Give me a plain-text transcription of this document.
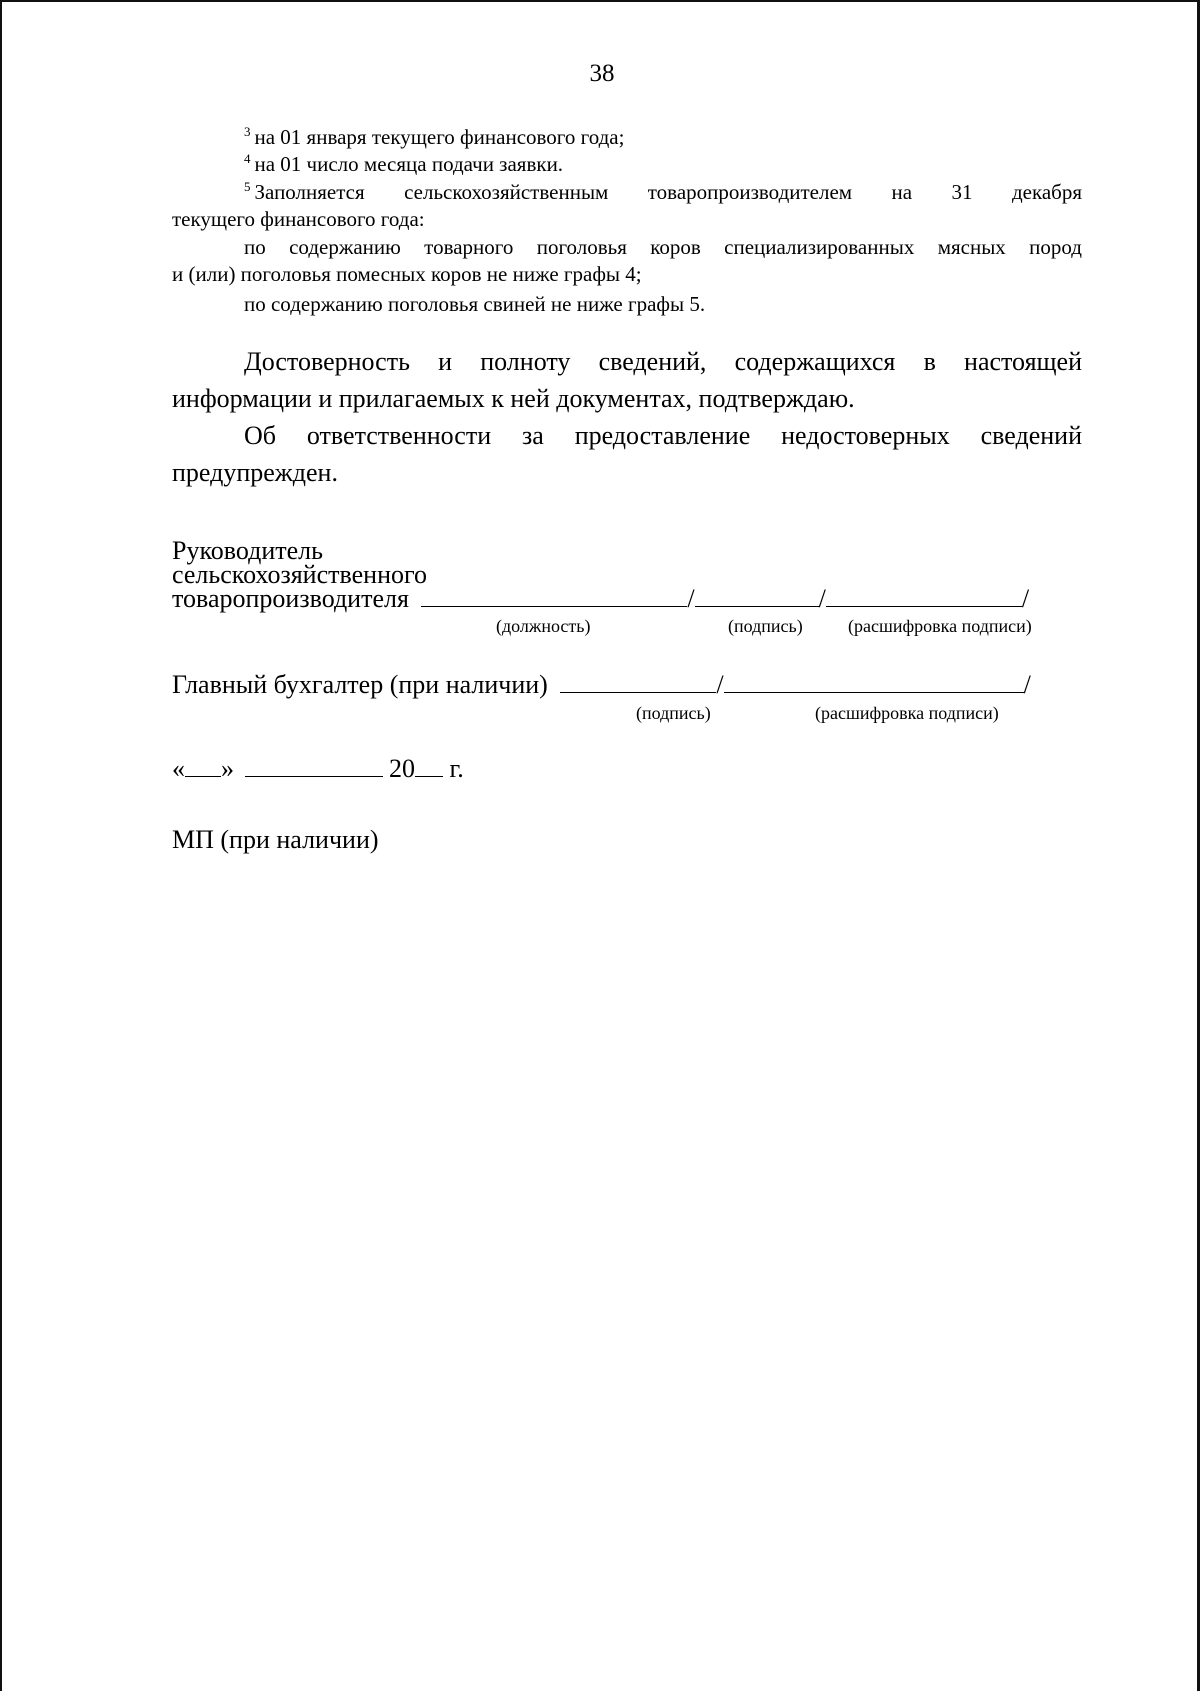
38
$^3$ на 01 января текущего финансового года;
$^4$ на 01 число месяца подачи заявки.
$^5$ Заполняется сельскохозяйственным товаропроизводителем на 31 декабря
текущего финансового года:
по содержанию товарного поголовья коров специализированных мясных пород
и (или) поголовья помесных коров не ниже графы 4;
по содержанию поголовья свиней не ниже графы 5.
Достоверность и полноту сведений, содержащихся в настоящей
информации и прилагаемых к ней документах, подтверждаю.
Об ответственности за предоставление недостоверных сведений
предупрежден.
Руководитель
сельскохозяйственного
товаропроизводителя	/	/	/
(должность)	(подпись)	(расшифровка подписи)
Главный бухгалтер (при наличии)	/	/
(подпись)	(расшифровка подписи)
« »	20 г.
МП (при наличии)
